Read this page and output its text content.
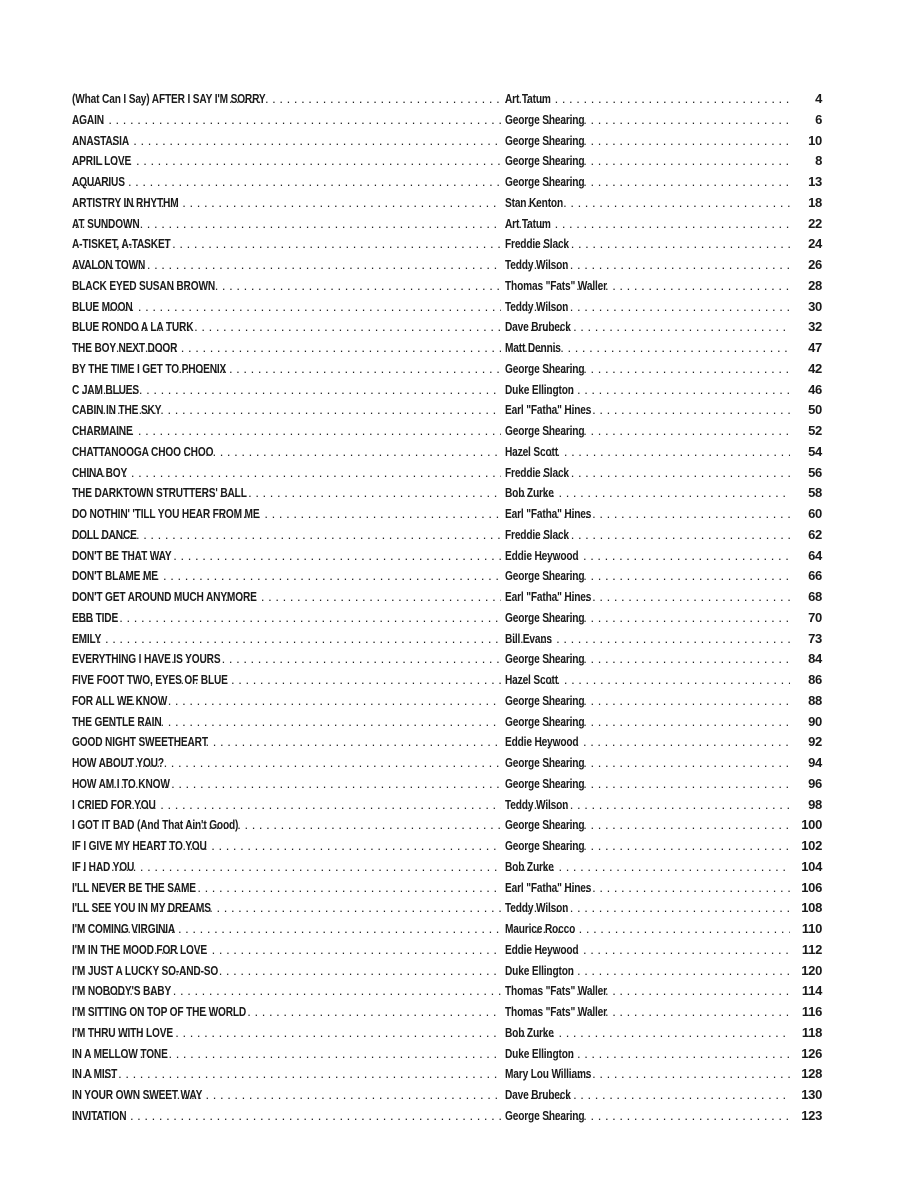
(What Can I Say) AFTER I SAY I'M SORRY . . .	Art Tatum . . .	4
AGAIN . . .	George Shearing . . .	6
ANASTASIA . . .	George Shearing . . .	10
APRIL LOVE . . .	George Shearing . . .	8
AQUARIUS . . .	George Shearing . . .	13
ARTISTRY IN RHYTHM . . .	Stan Kenton . . .	18
AT SUNDOWN . . .	Art Tatum . . .	22
A-TISKET, A-TASKET . . .	Freddie Slack . . .	24
AVALON TOWN . . .	Teddy Wilson . . .	26
BLACK EYED SUSAN BROWN . . .	Thomas "Fats" Waller . . .	28
BLUE MOON . . .	Teddy Wilson . . .	30
BLUE RONDO A LA TURK . . .	Dave Brubeck . . .	32
THE BOY NEXT DOOR . . .	Matt Dennis . . .	47
BY THE TIME I GET TO PHOENIX . . .	George Shearing . . .	42
C JAM BLUES . . .	Duke Ellington . . .	46
CABIN IN THE SKY . . .	Earl "Fatha" Hines . . .	50
CHARMAINE . . .	George Shearing . . .	52
CHATTANOOGA CHOO CHOO . . .	Hazel Scott . . .	54
CHINA BOY . . .	Freddie Slack . . .	56
THE DARKTOWN STRUTTERS' BALL . . .	Bob Zurke . . .	58
DO NOTHIN' 'TILL YOU HEAR FROM ME . . .	Earl "Fatha" Hines . . .	60
DOLL DANCE . . .	Freddie Slack . . .	62
DON'T BE THAT WAY . . .	Eddie Heywood . . .	64
DON'T BLAME ME . . .	George Shearing . . .	66
DON'T GET AROUND MUCH ANYMORE . . .	Earl "Fatha" Hines . . .	68
EBB TIDE . . .	George Shearing . . .	70
EMILY . . .	Bill Evans . . .	73
EVERYTHING I HAVE IS YOURS . . .	George Shearing . . .	84
FIVE FOOT TWO, EYES OF BLUE . . .	Hazel Scott . . .	86
FOR ALL WE KNOW . . .	George Shearing . . .	88
THE GENTLE RAIN . . .	George Shearing . . .	90
GOOD NIGHT SWEETHEART . . .	Eddie Heywood . . .	92
HOW ABOUT YOU? . . .	George Shearing . . .	94
HOW AM I TO KNOW . . .	George Shearing . . .	96
I CRIED FOR YOU . . .	Teddy Wilson . . .	98
I GOT IT BAD (And That Ain't Good) . . .	George Shearing . . .	100
IF I GIVE MY HEART TO YOU . . .	George Shearing . . .	102
IF I HAD YOU . . .	Bob Zurke . . .	104
I'LL NEVER BE THE SAME . . .	Earl "Fatha" Hines . . .	106
I'LL SEE YOU IN MY DREAMS . . .	Teddy Wilson . . .	108
I'M COMING VIRGINIA . . .	Maurice Rocco . . .	110
I'M IN THE MOOD FOR LOVE . . .	Eddie Heywood . . .	112
I'M JUST A LUCKY SO-AND-SO . . .	Duke Ellington . . .	120
I'M NOBODY'S BABY . . .	Thomas "Fats" Waller . . .	114
I'M SITTING ON TOP OF THE WORLD . . .	Thomas "Fats" Waller . . .	116
I'M THRU WITH LOVE . . .	Bob Zurke . . .	118
IN A MELLOW TONE . . .	Duke Ellington . . .	126
IN A MIST . . .	Mary Lou Williams . . .	128
IN YOUR OWN SWEET WAY . . .	Dave Brubeck . . .	130
INVITATION . . .	George Shearing . . .	123
